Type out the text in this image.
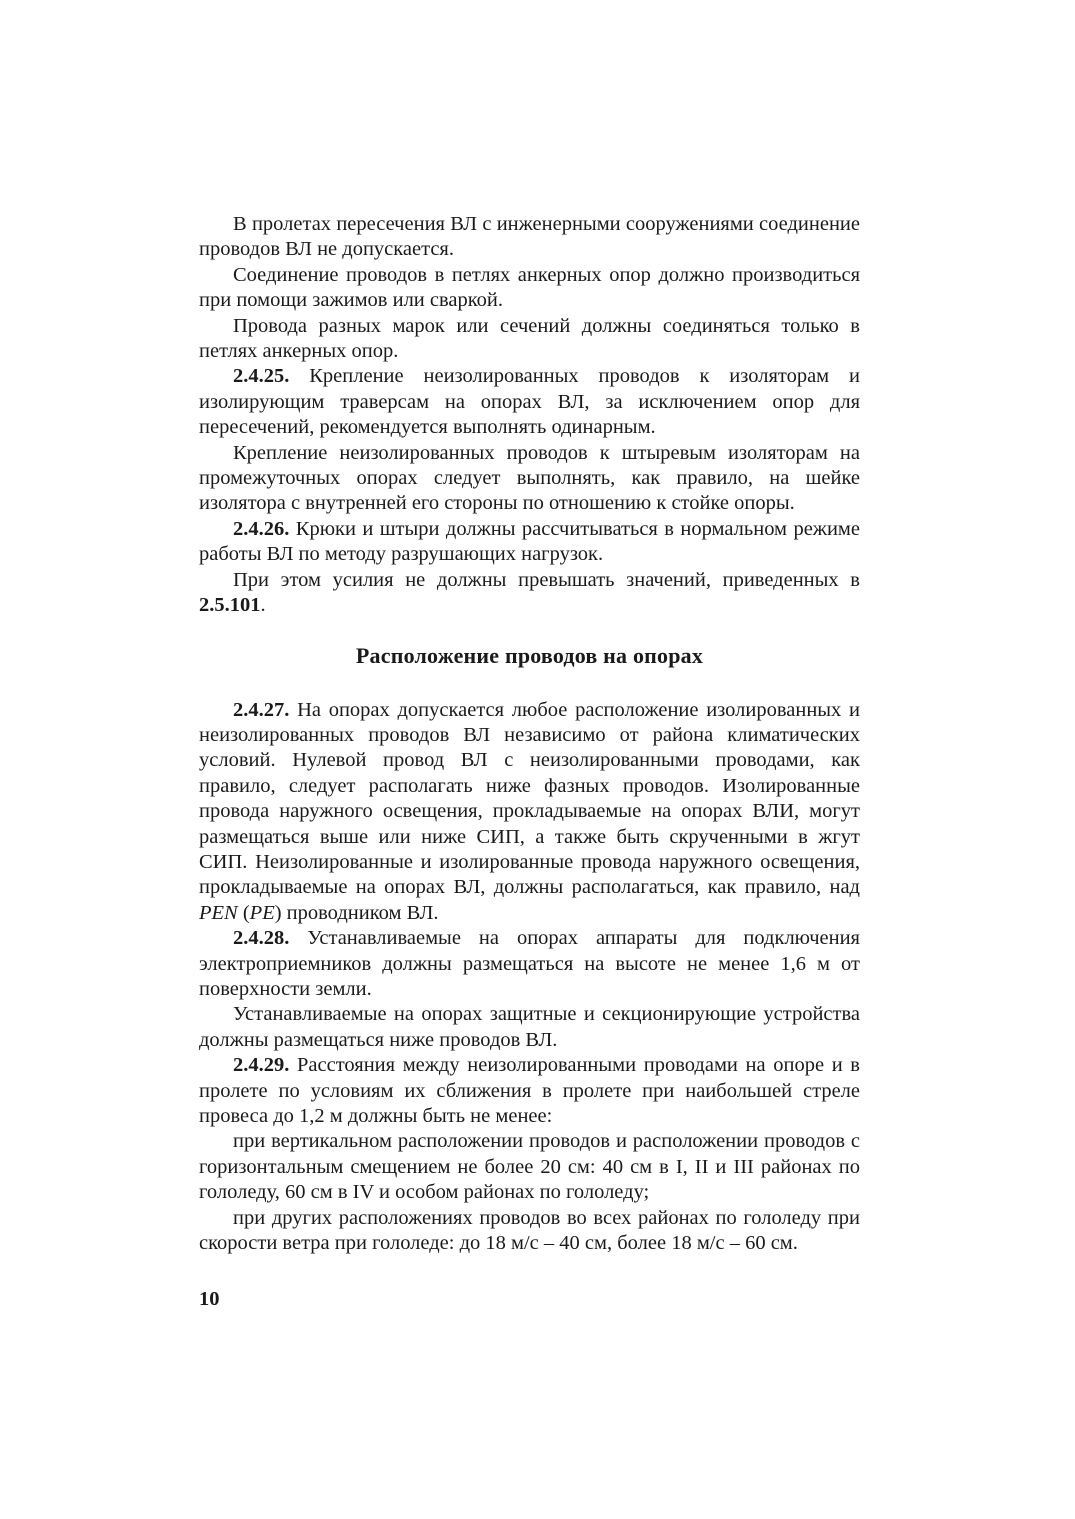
В пролетах пересечения ВЛ с инженерными сооружениями соединение проводов ВЛ не допускается.

Соединение проводов в петлях анкерных опор должно производиться при помощи зажимов или сваркой.

Провода разных марок или сечений должны соединяться только в петлях анкерных опор.

2.4.25. Крепление неизолированных проводов к изоляторам и изолирующим траверсам на опорах ВЛ, за исключением опор для пересечений, рекомендуется выполнять одинарным.

Крепление неизолированных проводов к штыревым изоляторам на промежуточных опорах следует выполнять, как правило, на шейке изолятора с внутренней его стороны по отношению к стойке опоры.

2.4.26. Крюки и штыри должны рассчитываться в нормальном режиме работы ВЛ по методу разрушающих нагрузок.

При этом усилия не должны превышать значений, приведенных в 2.5.101.

Расположение проводов на опорах

2.4.27. На опорах допускается любое расположение изолированных и неизолированных проводов ВЛ независимо от района климатических условий. Нулевой провод ВЛ с неизолированными проводами, как правило, следует располагать ниже фазных проводов. Изолированные провода наружного освещения, прокладываемые на опорах ВЛИ, могут размещаться выше или ниже СИП, а также быть скрученными в жгут СИП. Неизолированные и изолированные провода наружного освещения, прокладываемые на опорах ВЛ, должны располагаться, как правило, над PEN (PE) проводником ВЛ.

2.4.28. Устанавливаемые на опорах аппараты для подключения электроприемников должны размещаться на высоте не менее 1,6 м от поверхности земли.

Устанавливаемые на опорах защитные и секционирующие устройства должны размещаться ниже проводов ВЛ.

2.4.29. Расстояния между неизолированными проводами на опоре и в пролете по условиям их сближения в пролете при наибольшей стреле провеса до 1,2 м должны быть не менее:

при вертикальном расположении проводов и расположении проводов с горизонтальным смещением не более 20 см: 40 см в I, II и III районах по гололеду, 60 см в IV и особом районах по гололеду;

при других расположениях проводов во всех районах по гололеду при скорости ветра при гололеде: до 18 м/с – 40 см, более 18 м/с – 60 см.

10
